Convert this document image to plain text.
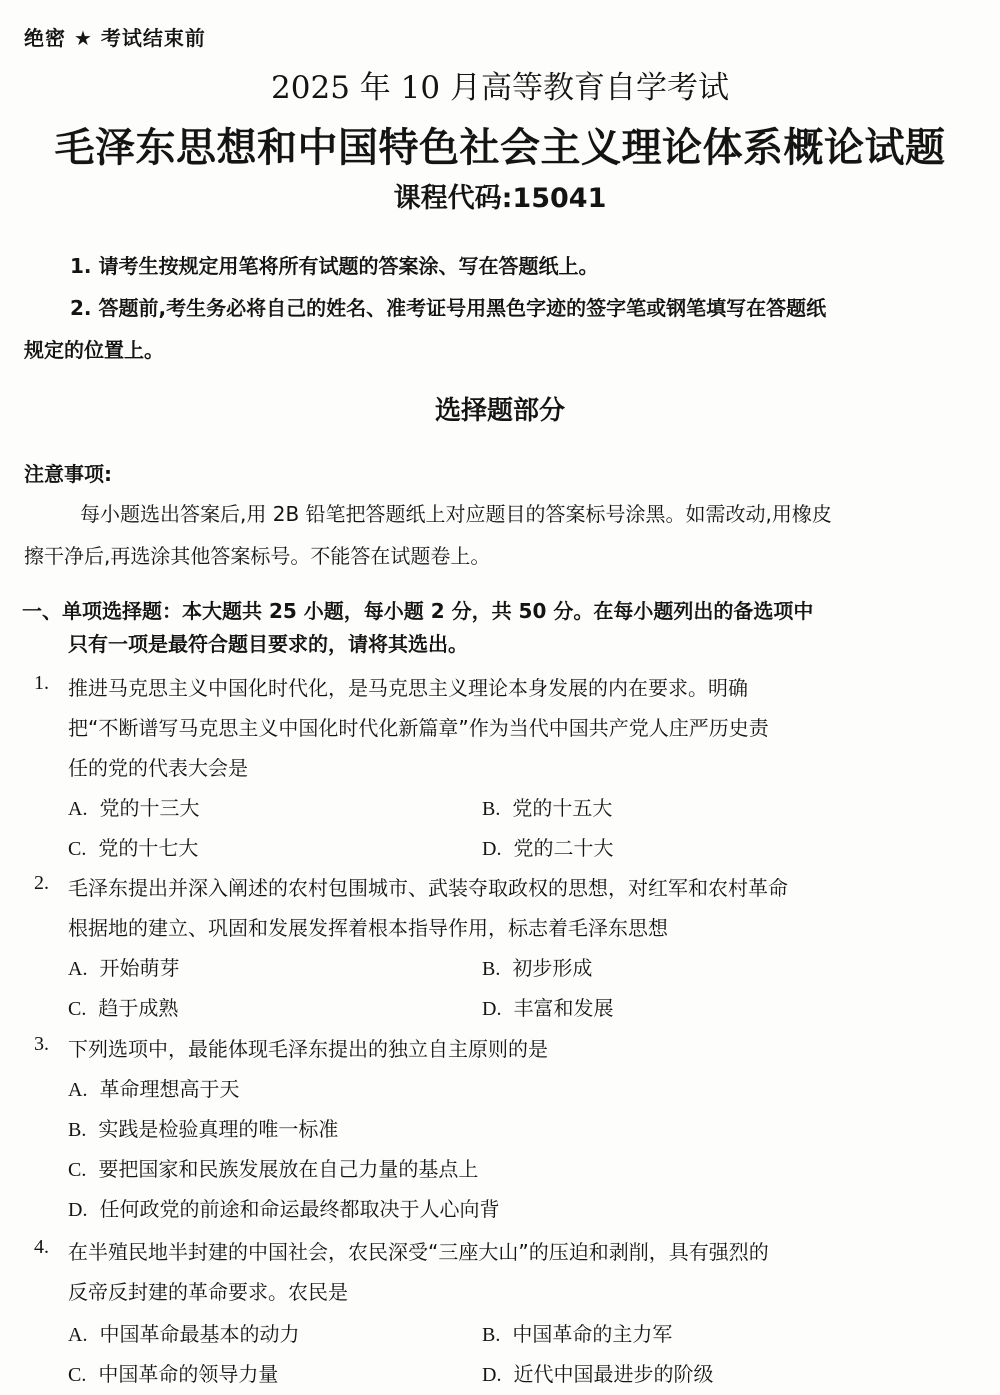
绝密 ★ 考试结束前
2025 年 10 月高等教育自学考试
毛泽东思想和中国特色社会主义理论体系概论试题
课程代码:15041
1. 请考生按规定用笔将所有试题的答案涂、写在答题纸上。
2. 答题前,考生务必将自己的姓名、准考证号用黑色字迹的签字笔或钢笔填写在答题纸
规定的位置上。
选择题部分
注意事项:
每小题选出答案后,用 2B 铅笔把答题纸上对应题目的答案标号涂黑。如需改动,用橡皮
擦干净后,再选涂其他答案标号。不能答在试题卷上。
一、单项选择题：本大题共 25 小题，每小题 2 分，共 50 分。在每小题列出的备选项中
只有一项是最符合题目要求的，请将其选出。
1. 推进马克思主义中国化时代化，是马克思主义理论本身发展的内在要求。明确
把“不断谱写马克思主义中国化时代化新篇章”作为当代中国共产党人庄严历史责
任的党的代表大会是
A. 党的十三大	B. 党的十五大
C. 党的十七大	D. 党的二十大
2. 毛泽东提出并深入阐述的农村包围城市、武装夺取政权的思想，对红军和农村革命
根据地的建立、巩固和发展发挥着根本指导作用，标志着毛泽东思想
A. 开始萌芽	B. 初步形成
C. 趋于成熟	D. 丰富和发展
3. 下列选项中，最能体现毛泽东提出的独立自主原则的是
A. 革命理想高于天
B. 实践是检验真理的唯一标准
C. 要把国家和民族发展放在自己力量的基点上
D. 任何政党的前途和命运最终都取决于人心向背
4. 在半殖民地半封建的中国社会，农民深受“三座大山”的压迫和剥削，具有强烈的
反帝反封建的革命要求。农民是
A. 中国革命最基本的动力	B. 中国革命的主力军
C. 中国革命的领导力量	D. 近代中国最进步的阶级
